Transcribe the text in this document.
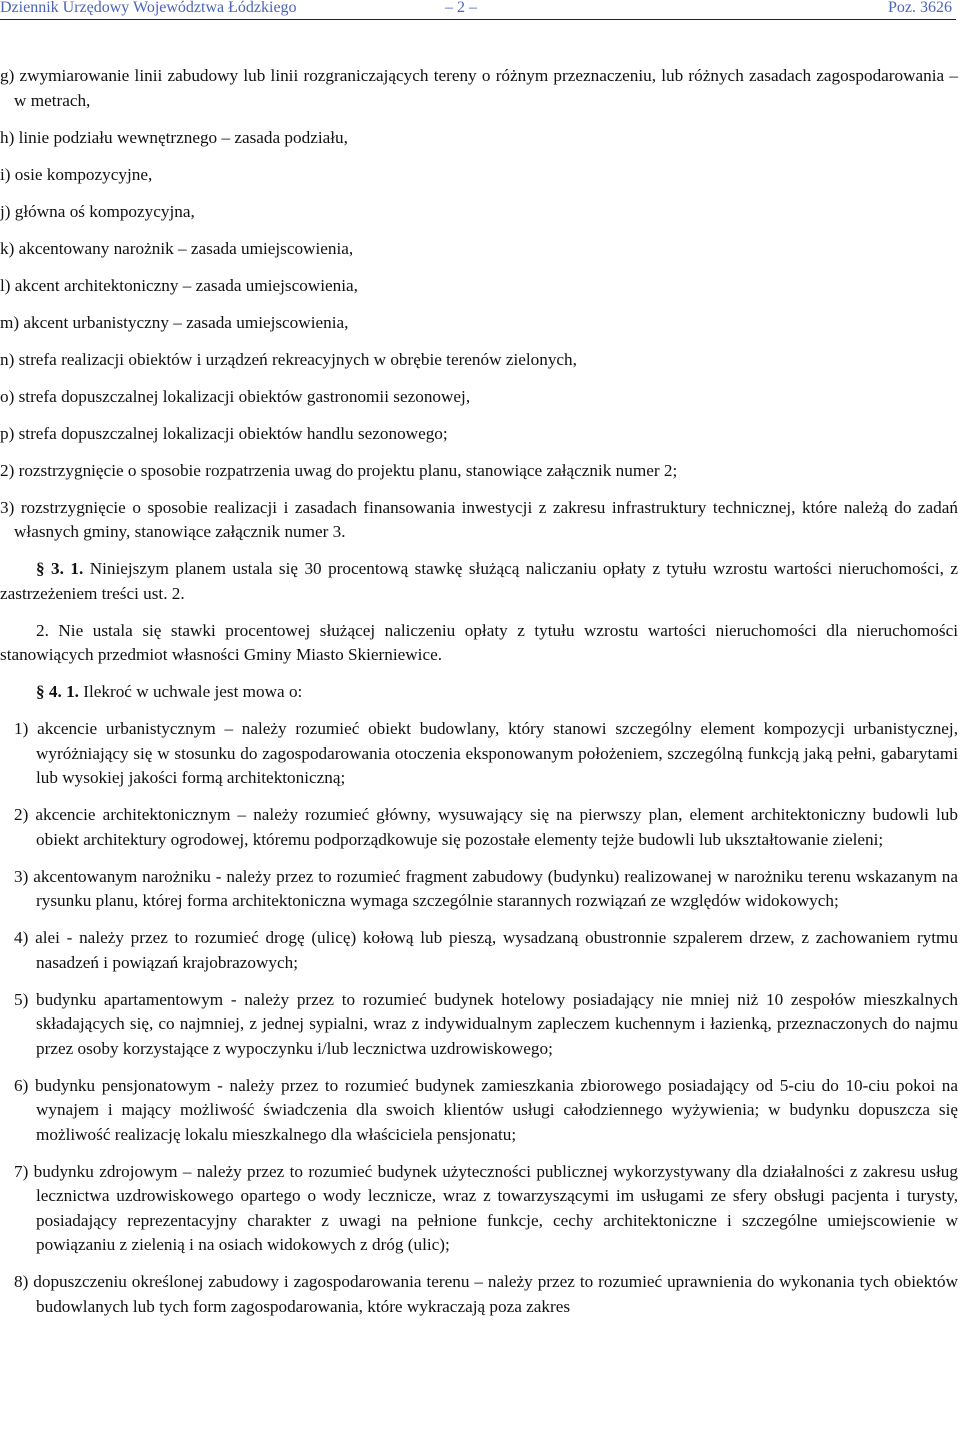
Dziennik Urzędowy Województwa Łódzkiego	– 2 –	Poz. 3626

g) zwymiarowanie linii zabudowy lub linii rozgraniczających tereny o różnym przeznaczeniu, lub różnych zasadach zagospodarowania – w metrach,

h) linie podziału wewnętrznego – zasada podziału,

i) osie kompozycyjne,

j) główna oś kompozycyjna,

k) akcentowany narożnik – zasada umiejscowienia,

l) akcent architektoniczny – zasada umiejscowienia,

m) akcent urbanistyczny – zasada umiejscowienia,

n) strefa realizacji obiektów i urządzeń rekreacyjnych w obrębie terenów zielonych,

o) strefa dopuszczalnej lokalizacji obiektów gastronomii sezonowej,

p) strefa dopuszczalnej lokalizacji obiektów handlu sezonowego;

2) rozstrzygnięcie o sposobie rozpatrzenia uwag do projektu planu, stanowiące załącznik numer 2;

3) rozstrzygnięcie o sposobie realizacji i zasadach finansowania inwestycji z zakresu infrastruktury technicznej, które należą do zadań własnych gminy, stanowiące załącznik numer 3.

§ 3. 1. Niniejszym planem ustala się 30 procentową stawkę służącą naliczaniu opłaty z tytułu wzrostu wartości nieruchomości, z zastrzeżeniem treści ust. 2.

2. Nie ustala się stawki procentowej służącej naliczeniu opłaty z tytułu wzrostu wartości nieruchomości dla nieruchomości stanowiących przedmiot własności Gminy Miasto Skierniewice.

§ 4. 1. Ilekroć w uchwale jest mowa o:

1) akcencie urbanistycznym – należy rozumieć obiekt budowlany, który stanowi szczególny element kompozycji urbanistycznej, wyróżniający się w stosunku do zagospodarowania otoczenia eksponowanym położeniem, szczególną funkcją jaką pełni, gabarytami lub wysokiej jakości formą architektoniczną;

2) akcencie architektonicznym – należy rozumieć główny, wysuwający się na pierwszy plan, element architektoniczny budowli lub obiekt architektury ogrodowej, któremu podporządkowuje się pozostałe elementy tejże budowli lub ukształtowanie zieleni;

3) akcentowanym narożniku - należy przez to rozumieć fragment zabudowy (budynku) realizowanej w narożniku terenu wskazanym na rysunku planu, której forma architektoniczna wymaga szczególnie starannych rozwiązań ze względów widokowych;

4) alei - należy przez to rozumieć drogę (ulicę) kołową lub pieszą, wysadzaną obustronnie szpalerem drzew, z zachowaniem rytmu nasadzeń i powiązań krajobrazowych;

5) budynku apartamentowym - należy przez to rozumieć budynek hotelowy posiadający nie mniej niż 10 zespołów mieszkalnych składających się, co najmniej, z jednej sypialni, wraz z indywidualnym zapleczem kuchennym i łazienką, przeznaczonych do najmu przez osoby korzystające z wypoczynku i/lub lecznictwa uzdrowiskowego;

6) budynku pensjonatowym - należy przez to rozumieć budynek zamieszkania zbiorowego posiadający od 5-ciu do 10-ciu pokoi na wynajem i mający możliwość świadczenia dla swoich klientów usługi całodziennego wyżywienia; w budynku dopuszcza się możliwość realizację lokalu mieszkalnego dla właściciela pensjonatu;

7) budynku zdrojowym – należy przez to rozumieć budynek użyteczności publicznej wykorzystywany dla działalności z zakresu usług lecznictwa uzdrowiskowego opartego o wody lecznicze, wraz z towarzyszącymi im usługami ze sfery obsługi pacjenta i turysty, posiadający reprezentacyjny charakter z uwagi na pełnione funkcje, cechy architektoniczne i szczególne umiejscowienie w powiązaniu z zielenią i na osiach widokowych z dróg (ulic);

8) dopuszczeniu określonej zabudowy i zagospodarowania terenu – należy przez to rozumieć uprawnienia do wykonania tych obiektów budowlanych lub tych form zagospodarowania, które wykraczają poza zakres
